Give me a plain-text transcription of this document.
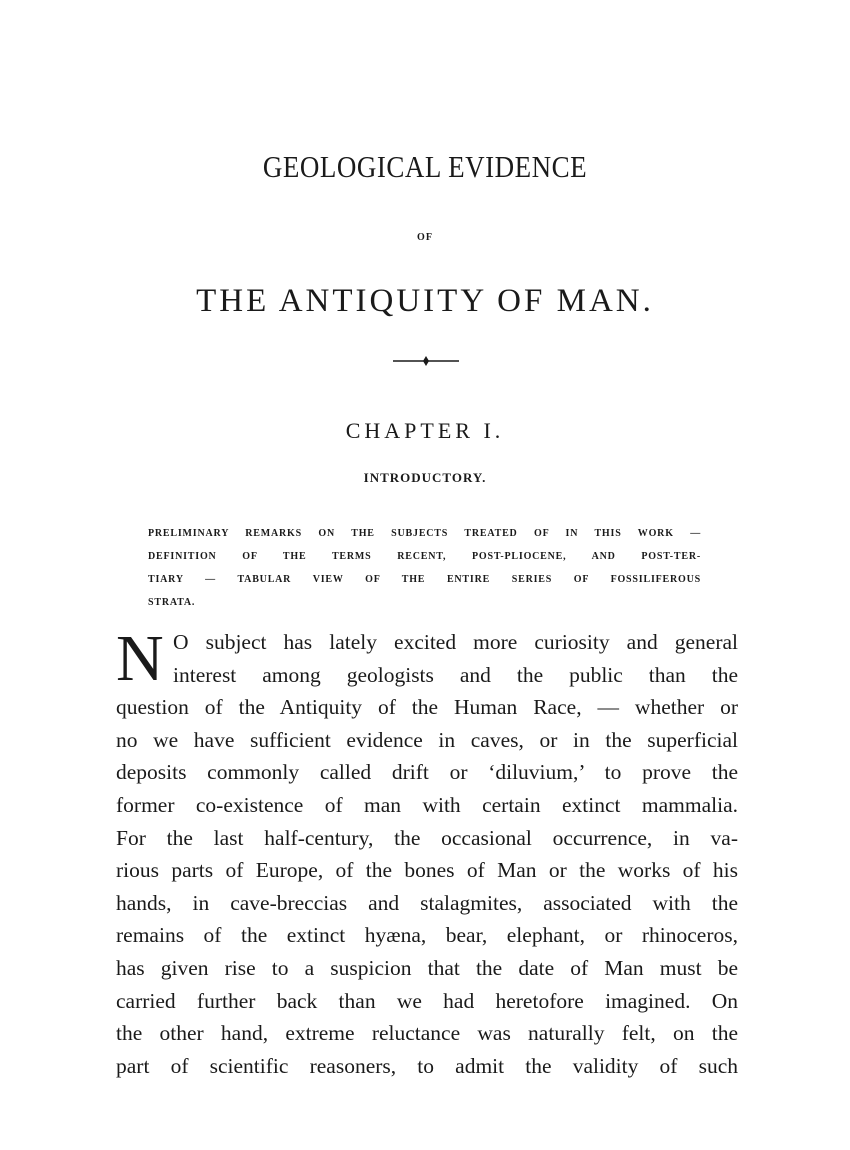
GEOLOGICAL EVIDENCE
OF
THE ANTIQUITY OF MAN.
CHAPTER I.
INTRODUCTORY.
PRELIMINARY REMARKS ON THE SUBJECTS TREATED OF IN THIS WORK —
DEFINITION OF THE TERMS RECENT, POST-PLIOCENE, AND POST-TER-
TIARY — TABULAR VIEW OF THE ENTIRE SERIES OF FOSSILIFEROUS
STRATA.
N O subject has lately excited more curiosity and general
interest among geologists and the public than the
question of the Antiquity of the Human Race, — whether or
no we have sufficient evidence in caves, or in the superficial
deposits commonly called drift or ‘diluvium,’ to prove the
former co-existence of man with certain extinct mammalia.
For the last half-century, the occasional occurrence, in va-
rious parts of Europe, of the bones of Man or the works of his
hands, in cave-breccias and stalagmites, associated with the
remains of the extinct hyæna, bear, elephant, or rhinoceros,
has given rise to a suspicion that the date of Man must be
carried further back than we had heretofore imagined. On
the other hand, extreme reluctance was naturally felt, on the
part of scientific reasoners, to admit the validity of such
